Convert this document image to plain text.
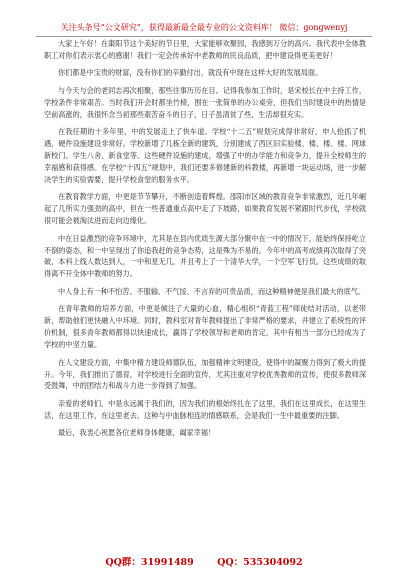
关注头条号“公文研究”，获得最新最全最专业的公文资料库！ 微信：gongwenyj

大家上午好！在棗阳节这个美好的节日里，大家能够欢聚园，我感到万分的高兴。我代表中全体教职工对你们表示衷心的感谢！我们一定会传承好中老教师的民良品质，把中建设得更美更好！

你们都是中宝贵的财富，没有你们的辛勤付出，就没有中现在这样大好的发展局面。

与今天与会的老同志再次相聚，那些往事历历在目。记得我参加工作时，是宋校长在中主持工作，学校条件非常艰苦。当时我们开会时都坐竹椅，围在一张简单的办公桌旁，但我们当时建设中的热情是空前高涨的，我很怀念当初那些艰苦奋斗的日子，日子虽清贫了些，生活却很充实。

在我任期的十多年里，中的发展走上了快车道。学校“十二五”规划完成得非常好，申人抢抓了机遇，硬件设施建设非常好。学校新增了几栋全新的建筑，分别建成了西区旧实验楼、楼、楼、楼、网球新校门、学生八舍、新食堂等。这些硬件设施的建成，增强了中的办学能力和竞争力，提升全校师生的幸福感和获得感。在学校“十四五”规划中，我们还要多修建新的科教楼，再新增一块运动场，进一步解决学生的实验需要，提升学校食堂的服务水平。

在教育教学方面，中更是节节攀升，不断创造着辉煌。邵阳市区域的教育竞争非常激烈，近几年崛起了几所实力强劲的高中，但在一些普通重点高中走了下坡路，如果教育发展不紧跟时代步伐，学校就很可能会被淘汰进而走向边缘化。

中在日益激烈的竞争环境中，尤其是在县内优质生源大部分聚中在一中的情况下，能始终保持屹立不倒的姿态，和一中呈现出了你追我赶的竞争态势，这是殊为不易的。今年中的高考成绩再次取得了突破，本科上线人数达到人，一中和星无几，并且考上了一个清华大学，一个空军飞行员。这些成绩的取得离不开全体中教师的努力。

中人身上有一种不怕苦、不服输、不气馁、不言弃的可贵品质，而这种精神便是我们最大的底气。

在青年教师的培养方面，中更是倾注了大量的心血，精心组织“青蓝工程”师徒结对活动，以老带新，帮助他们更快融入中环境。同时，教科室对青年教师提出了非常严格的要求，并建立了系统性的评价机制，很多青年教师都得以快速成长，赢得了学校领导和老师的肯定，其中有相当一部分已经成为了学校的中坚力量。

在人文建设方面，中集中精力建设师德队伍，加强精神文明建设，使得中的凝聚力得到了极大的提升。今年，我们推出了德育，对学校进行全面的宣传，尤其注重对学校优秀教师的宣传，使很多教师深受鼓舞，中的团结力和战斗力进一步得到了加强。

亲爱的老师们，中是永远属于我们的，因为我们的根始终扎在了这里，我们在这里成长，在这里生活，在这里工作，在这里老去。这种与中血脉相连的情感联系，会是我们一生中最重要的注脚。

最后，我衷心祝愿各位老师身体健康，阖家幸福！

QQ群：31991489 QQ：535304092
